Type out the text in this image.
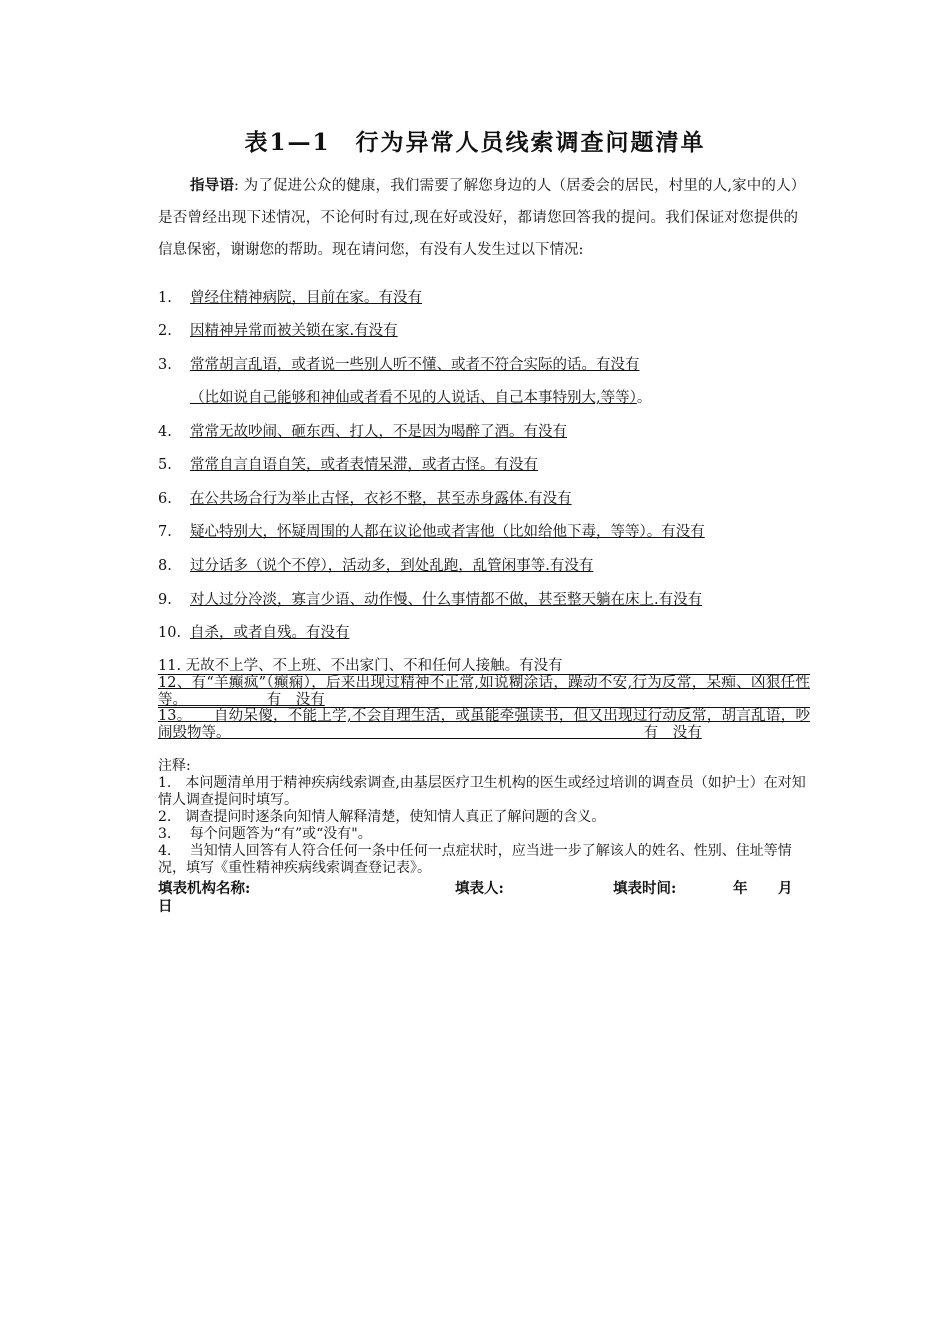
表1—1　行为异常人员线索调查问题清单

指导语: 为了促进公众的健康，我们需要了解您身边的人（居委会的居民，村里的人,家中的人）是否曾经出现下述情况，不论何时有过,现在好或没好，都请您回答我的提问。我们保证对您提供的信息保密，谢谢您的帮助。现在请问您，有没有人发生过以下情况:

1. 曾经住精神病院，目前在家。有没有
2. 因精神异常而被关锁在家.有没有
3. 常常胡言乱语，或者说一些别人听不懂、或者不符合实际的话。有没有
（比如说自己能够和神仙或者看不见的人说话、自己本事特别大,等等）。
4. 常常无故吵闹、砸东西、打人，不是因为喝醉了酒。有没有
5. 常常自言自语自笑，或者表情呆滞，或者古怪。有没有
6. 在公共场合行为举止古怪，衣衫不整，甚至赤身露体.有没有
7. 疑心特别大，怀疑周围的人都在议论他或者害他（比如给他下毒，等等）。有没有
8. 过分话多（说个不停），活动多，到处乱跑，乱管闲事等.有没有
9. 对人过分冷淡，寡言少语、动作慢、什么事情都不做，甚至整天躺在床上.有没有
10. 自杀，或者自残。有没有
11. 无故不上学、不上班、不出家门、不和任何人接触。有没有
12、有“羊癫疯”（癫痫），后来出现过精神不正常,如说糊涂话，躁动不安,行为反常，呆痴、凶狠任性等。　　　　　　有　没有
13。　　自幼呆傻，不能上学,不会自理生活，或虽能牵强读书，但又出现过行动反常，胡言乱语，吵闹毁物等。　　　　　　　　　　　　　　　　　　　　　　　　　　　　　有　没有
注释:
1.　本问题清单用于精神疾病线索调查,由基层医疗卫生机构的医生或经过培训的调查员（如护士）在对知情人调查提问时填写。
2.　调查提问时逐条向知情人解释清楚，使知情人真正了解问题的含义。
3.　 每个问题答为“有”或“没有"。
4.　 当知情人回答有人符合任何一条中任何一点症状时，应当进一步了解该人的姓名、性别、住址等情况，填写《重性精神疾病线索调查登记表》。
填表机构名称:	填表人:	填表时间:	年 月
日
